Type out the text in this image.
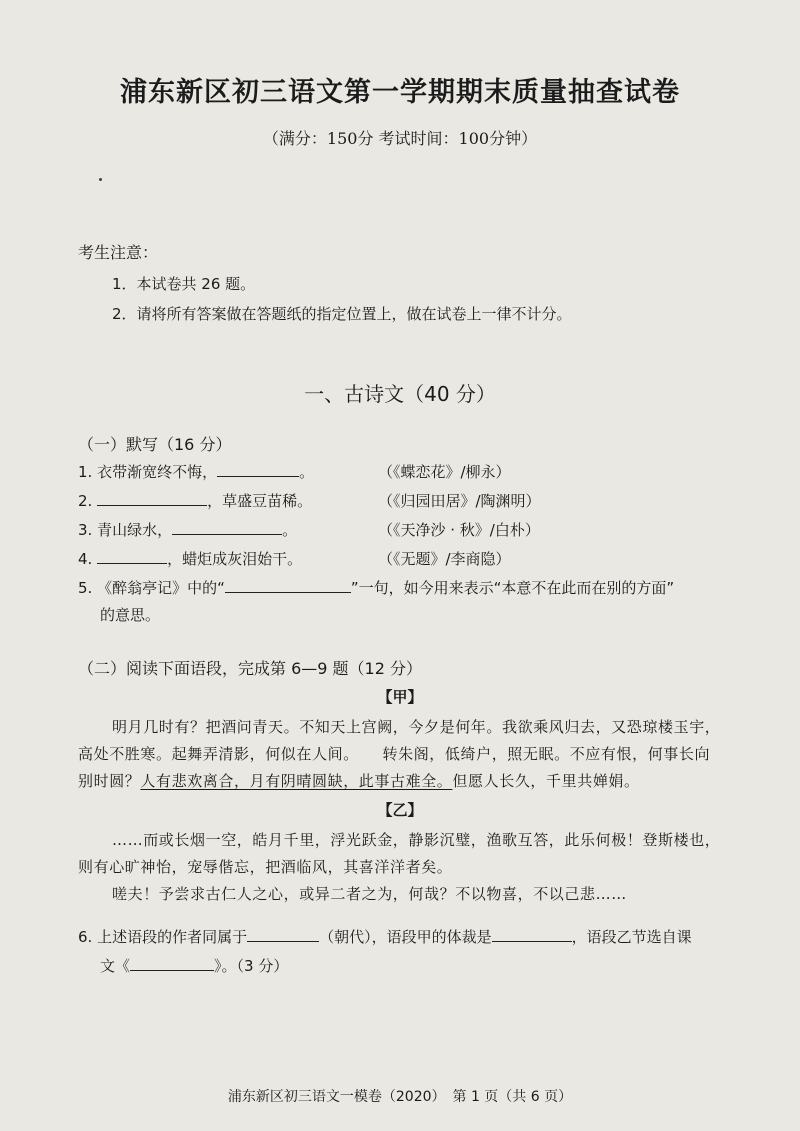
浦东新区初三语文第一学期期末质量抽查试卷
（满分：150分 考试时间：100分钟）
考生注意：
1．本试卷共 26 题。
2．请将所有答案做在答题纸的指定位置上，做在试卷上一律不计分。
一、古诗文（40 分）
（一）默写（16 分）
1. 衣带渐宽终不悔，	。	（《蝶恋花》/柳永）
2.	，草盛豆苗稀。	（《归园田居》/陶渊明）
3. 青山绿水，	。	（《天净沙 · 秋》/白朴）
4.	，蜡炬成灰泪始干。	（《无题》/李商隐）
5. 《醉翁亭记》中的“	”一句，如今用来表示“本意不在此而在别的方面”
的意思。
（二）阅读下面语段，完成第 6—9 题（12 分）
【甲】
明月几时有？把酒问青天。不知天上宫阙，今夕是何年。我欲乘风归去，又恐琼楼玉宇，
高处不胜寒。起舞弄清影，何似在人间。　　转朱阁，低绮户，照无眠。不应有恨，何事长向
别时圆？人有悲欢离合，月有阴晴圆缺，此事古难全。但愿人长久，千里共婵娟。
【乙】
……而或长烟一空，皓月千里，浮光跃金，静影沉璧，渔歌互答，此乐何极！登斯楼也，
则有心旷神怡，宠辱偕忘，把酒临风，其喜洋洋者矣。
嗟夫！予尝求古仁人之心，或异二者之为，何哉？不以物喜，不以己悲……
6. 上述语段的作者同属于	（朝代），语段甲的体裁是	，语段乙节选自课
文《	》。（3 分）
浦东新区初三语文一模卷（2020）　第 1 页（共 6 页）
